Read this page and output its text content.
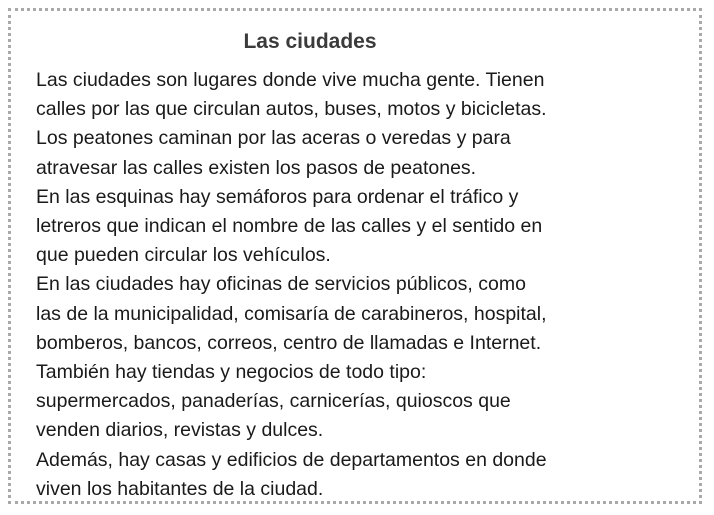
Las ciudades
Las ciudades son lugares donde vive mucha gente. Tienen
calles por las que circulan autos, buses, motos y bicicletas.
Los peatones caminan por las aceras o veredas y para
atravesar las calles existen los pasos de peatones.
En las esquinas hay semáforos para ordenar el tráfico y
letreros que indican el nombre de las calles y el sentido en
que pueden circular los vehículos.
En las ciudades hay oficinas de servicios públicos, como
las de la municipalidad, comisaría de carabineros, hospital,
bomberos, bancos, correos, centro de llamadas e Internet.
También hay tiendas y negocios de todo tipo:
supermercados, panaderías, carnicerías, quioscos que
venden diarios, revistas y dulces.
Además, hay casas y edificios de departamentos en donde
viven los habitantes de la ciudad.
